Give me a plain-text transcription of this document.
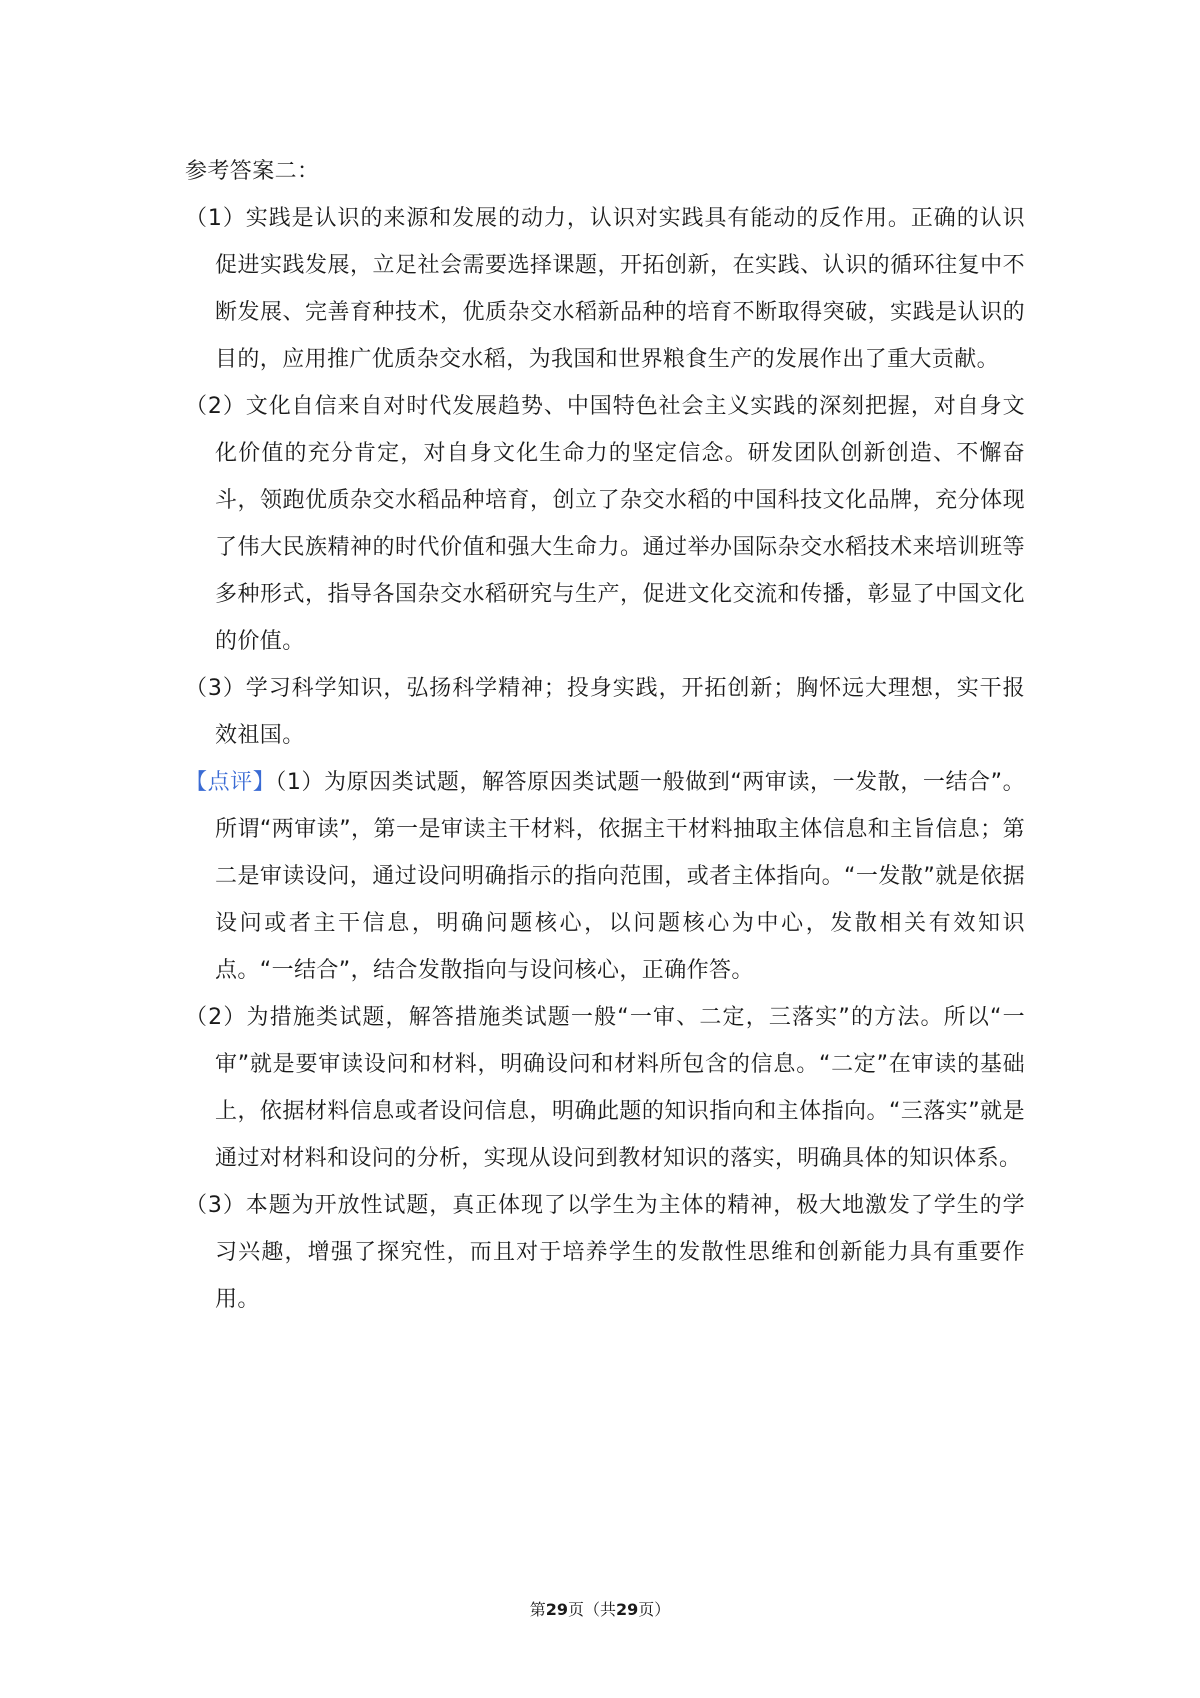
参考答案二：

（1）实践是认识的来源和发展的动力，认识对实践具有能动的反作用。正确的认识促进实践发展，立足社会需要选择课题，开拓创新，在实践、认识的循环往复中不断发展、完善育种技术，优质杂交水稻新品种的培育不断取得突破，实践是认识的目的，应用推广优质杂交水稻，为我国和世界粮食生产的发展作出了重大贡献。

（2）文化自信来自对时代发展趋势、中国特色社会主义实践的深刻把握，对自身文化价值的充分肯定，对自身文化生命力的坚定信念。研发团队创新创造、不懈奋斗，领跑优质杂交水稻品种培育，创立了杂交水稻的中国科技文化品牌，充分体现了伟大民族精神的时代价值和强大生命力。通过举办国际杂交水稻技术来培训班等多种形式，指导各国杂交水稻研究与生产，促进文化交流和传播，彰显了中国文化的价值。

（3）学习科学知识，弘扬科学精神；投身实践，开拓创新；胸怀远大理想，实干报效祖国。

【点评】（1）为原因类试题，解答原因类试题一般做到“两审读，一发散，一结合”。所谓“两审读”，第一是审读主干材料，依据主干材料抽取主体信息和主旨信息；第二是审读设问，通过设问明确指示的指向范围，或者主体指向。“一发散”就是依据设问或者主干信息，明确问题核心，以问题核心为中心，发散相关有效知识点。“一结合”，结合发散指向与设问核心，正确作答。

（2）为措施类试题，解答措施类试题一般“一审、二定，三落实”的方法。所以“一审”就是要审读设问和材料，明确设问和材料所包含的信息。“二定”在审读的基础上，依据材料信息或者设问信息，明确此题的知识指向和主体指向。“三落实”就是通过对材料和设问的分析，实现从设问到教材知识的落实，明确具体的知识体系。

（3）本题为开放性试题，真正体现了以学生为主体的精神，极大地激发了学生的学习兴趣，增强了探究性，而且对于培养学生的发散性思维和创新能力具有重要作用。

第29页（共29页）
